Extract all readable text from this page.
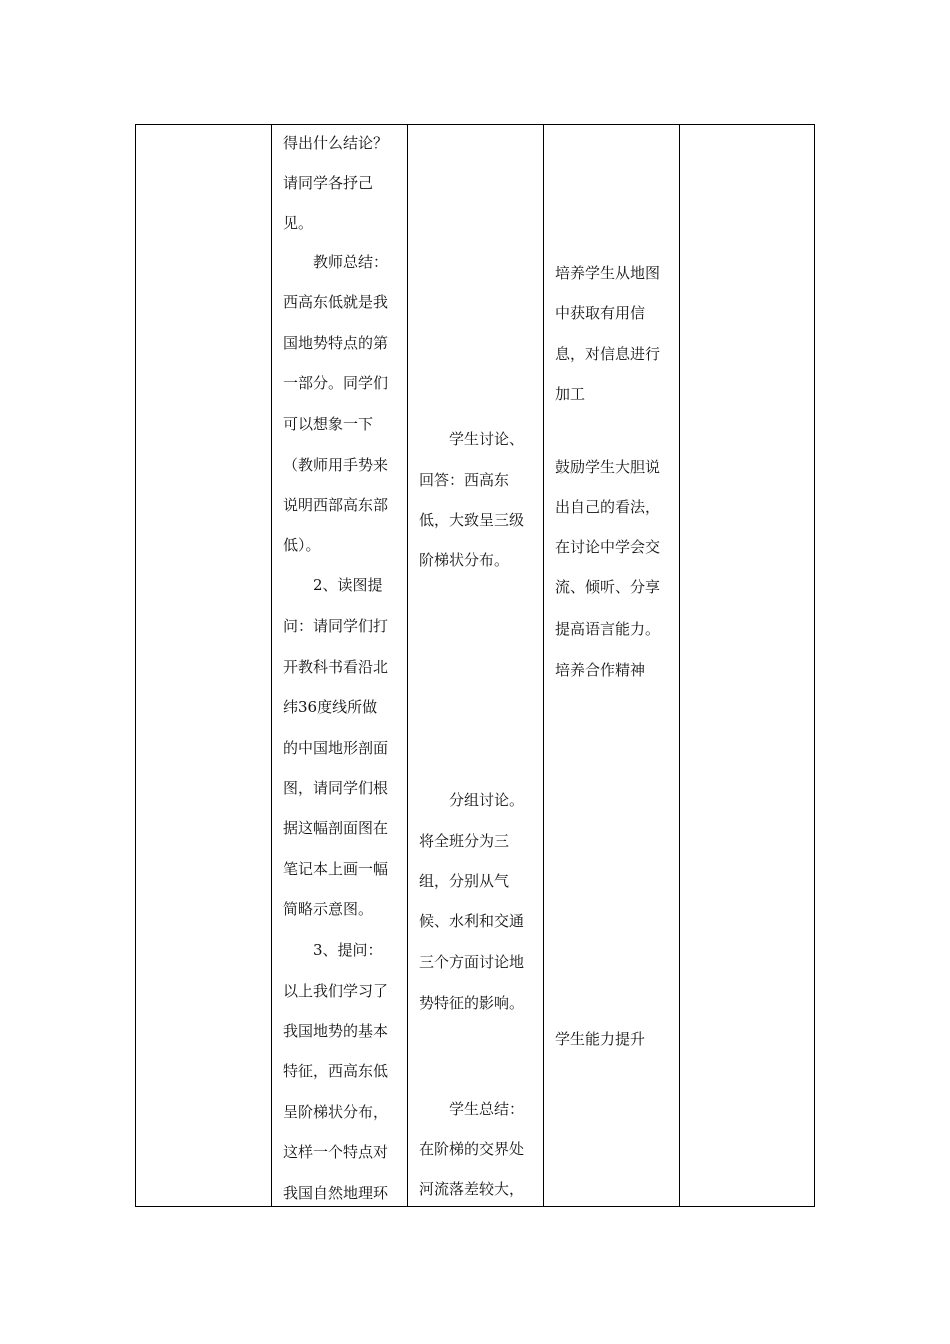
得出什么结论？
请同学各抒己
见。
　　教师总结：
西高东低就是我
国地势特点的第
一部分。同学们
可以想象一下
（教师用手势来
说明西部高东部
低）。
　　2、读图提
问：请同学们打
开教科书看沿北
纬36度线所做
的中国地形剖面
图，请同学们根
据这幅剖面图在
笔记本上画一幅
简略示意图。
　　3、提问：
以上我们学习了
我国地势的基本
特征，西高东低
呈阶梯状分布，
这样一个特点对
我国自然地理环
　　学生讨论、
回答：西高东
低，大致呈三级
阶梯状分布。
　　分组讨论。
将全班分为三
组，分别从气
候、水利和交通
三个方面讨论地
势特征的影响。
　　学生总结：
在阶梯的交界处
河流落差较大，
培养学生从地图
中获取有用信
息，对信息进行
加工
鼓励学生大胆说
出自己的看法，
在讨论中学会交
流、倾听、分享
提高语言能力。
培养合作精神
学生能力提升
